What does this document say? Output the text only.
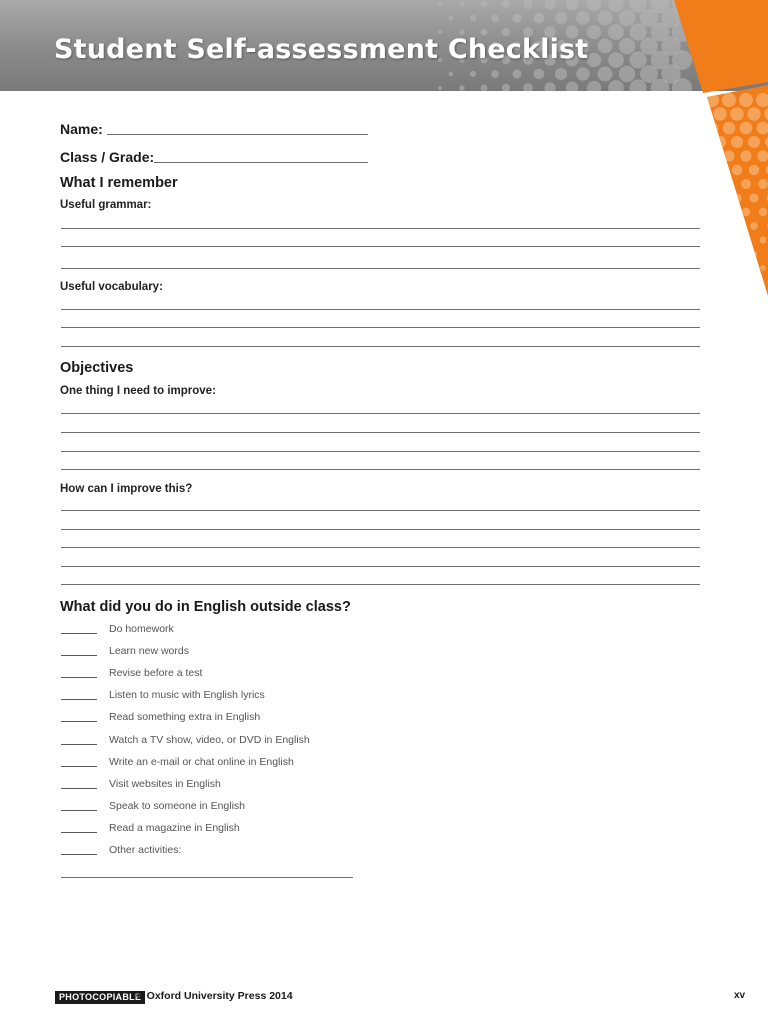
Student Self-assessment Checklist
Name:
Class / Grade:
What I remember
Useful grammar:
Useful vocabulary:
Objectives
One thing I need to improve:
How can I improve this?
What did you do in English outside class?
Do homework
Learn new words
Revise before a test
Listen to music with English lyrics
Read something extra in English
Watch a TV show, video, or DVD in English
Write an e-mail or chat online in English
Visit websites in English
Speak to someone in English
Read a magazine in English
Other activities:
PHOTOCOPIABLE
© Oxford University Press 2014	xv
